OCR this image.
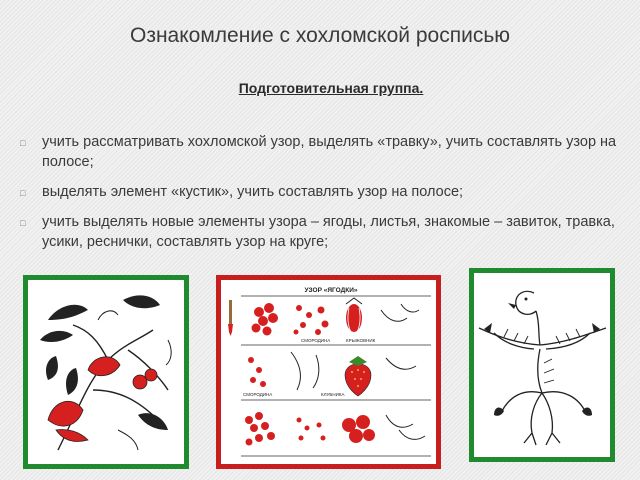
Ознакомление с хохломской росписью
Подготовительная группа.
□ учить рассматривать хохломской узор, выделять «травку», учить составлять узор на полосе;
□ выделять элемент «кустик», учить составлять узор на полосе;
□ учить выделять новые элементы узора – ягоды, листья, знакомые – завиток, травка, усики, реснички, составлять узор на круге;
УЗОР «ЯГОДКИ»
СМОРОДИНА	КРЫЖОВНИК
СМОРОДИНА	КЛУБНИКА
